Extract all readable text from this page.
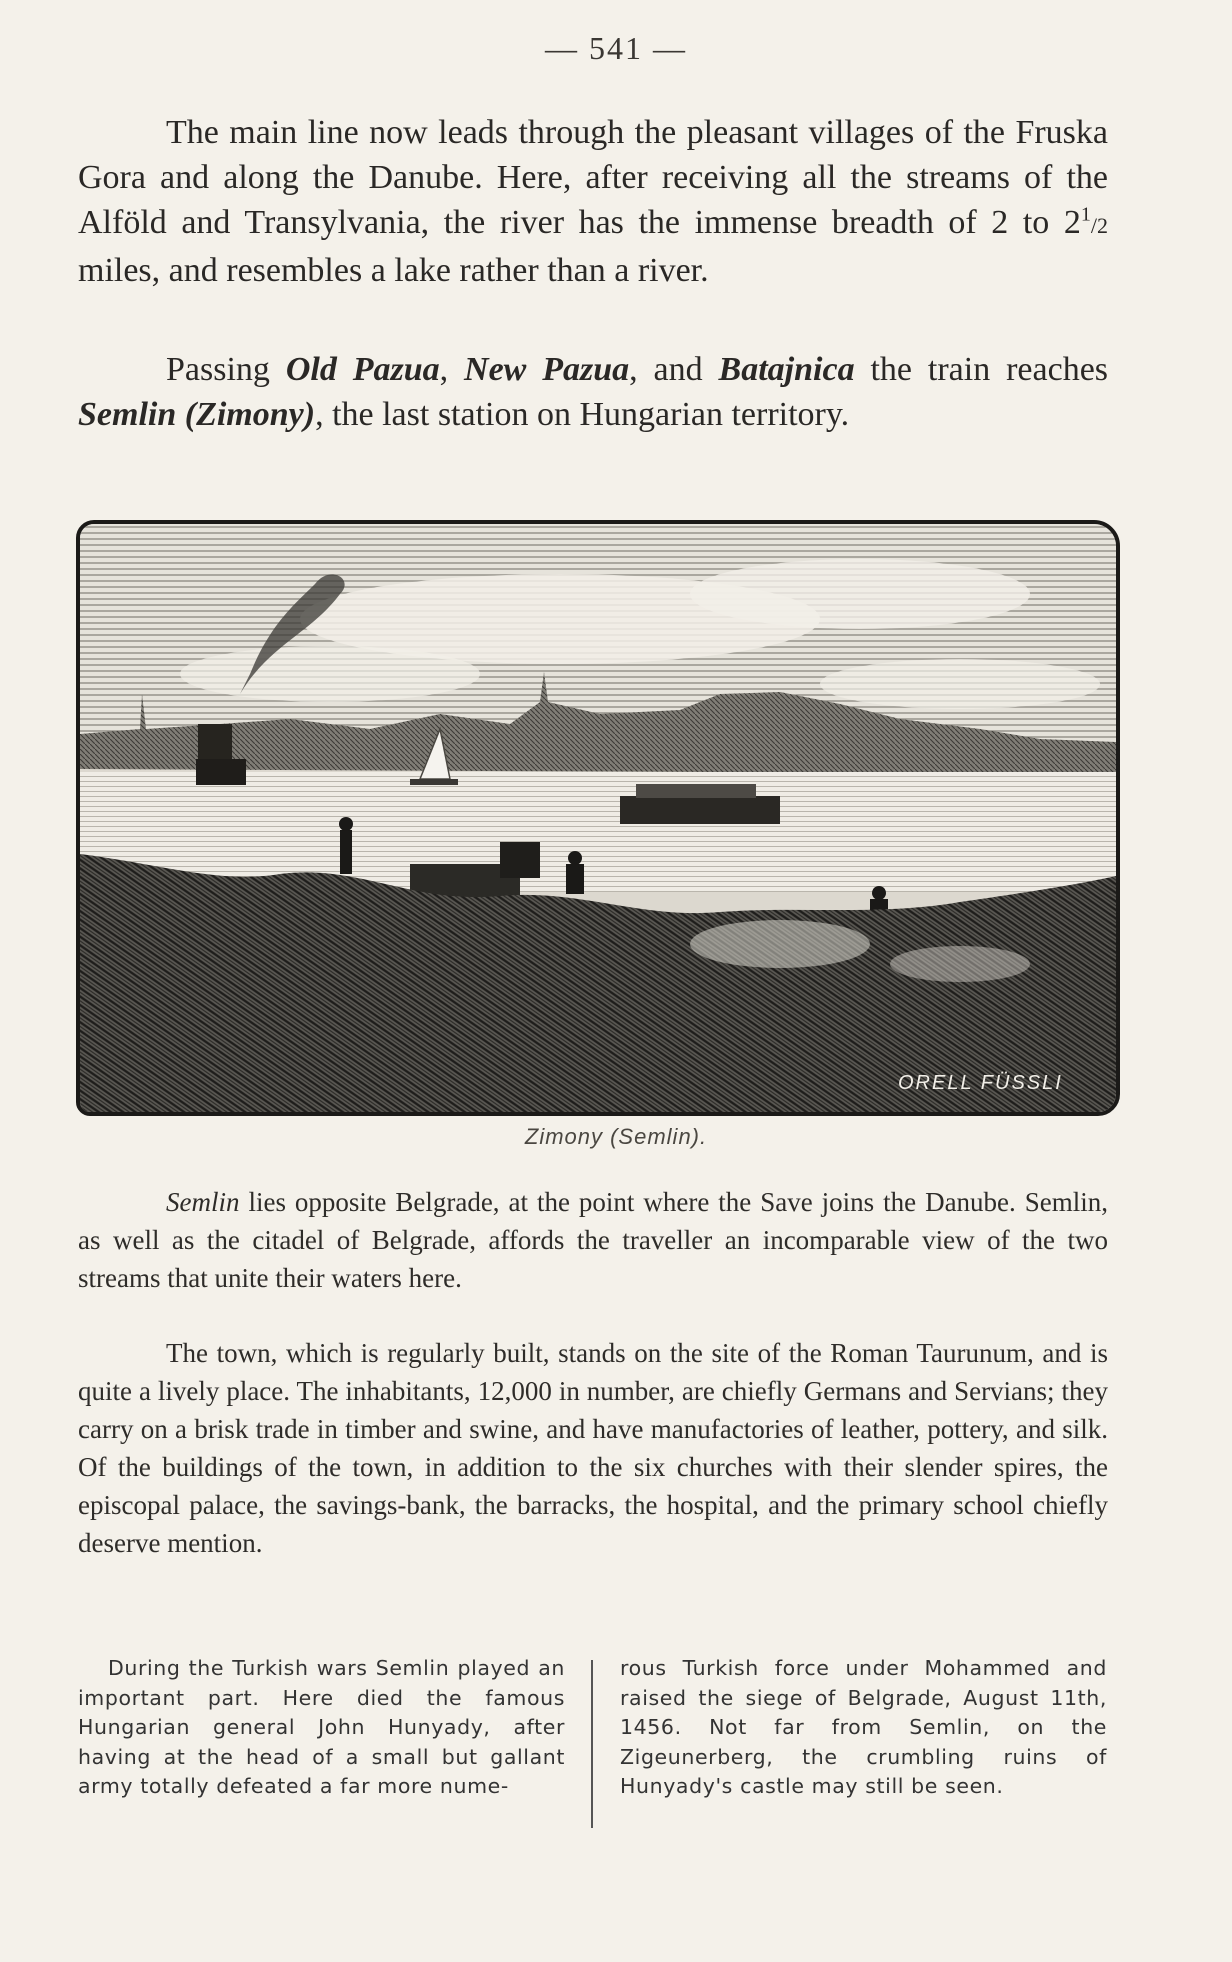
— 541 —

The main line now leads through the pleasant villages of the Fruska Gora and along the Danube. Here, after receiving all the streams of the Alföld and Transylvania, the river has the immense breadth of 2 to $2^1/2$ miles, and resembles a lake rather than a river.

Passing Old Pazua, New Pazua, and Batajnica the train reaches Semlin (Zimony), the last station on Hungarian territory.

ORELL FÜSSLI
Zimony (Semlin).

Semlin lies opposite Belgrade, at the point where the Save joins the Danube. Semlin, as well as the citadel of Belgrade, affords the traveller an incomparable view of the two streams that unite their waters here.

The town, which is regularly built, stands on the site of the Roman Taurunum, and is quite a lively place. The inhabitants, 12,000 in number, are chiefly Germans and Servians; they carry on a brisk trade in timber and swine, and have manufactories of leather, pottery, and silk. Of the buildings of the town, in addition to the six churches with their slender spires, the episcopal palace, the savings-bank, the barracks, the hospital, and the primary school chiefly deserve mention.

During the Turkish wars Semlin played an important part. Here died the famous Hungarian general John Hunyady, after having at the head of a small but gallant army totally defeated a far more nume-

rous Turkish force under Mohammed and raised the siege of Belgrade, August 11th, 1456. Not far from Semlin, on the Zigeunerberg, the crumbling ruins of Hunyady's castle may still be seen.
